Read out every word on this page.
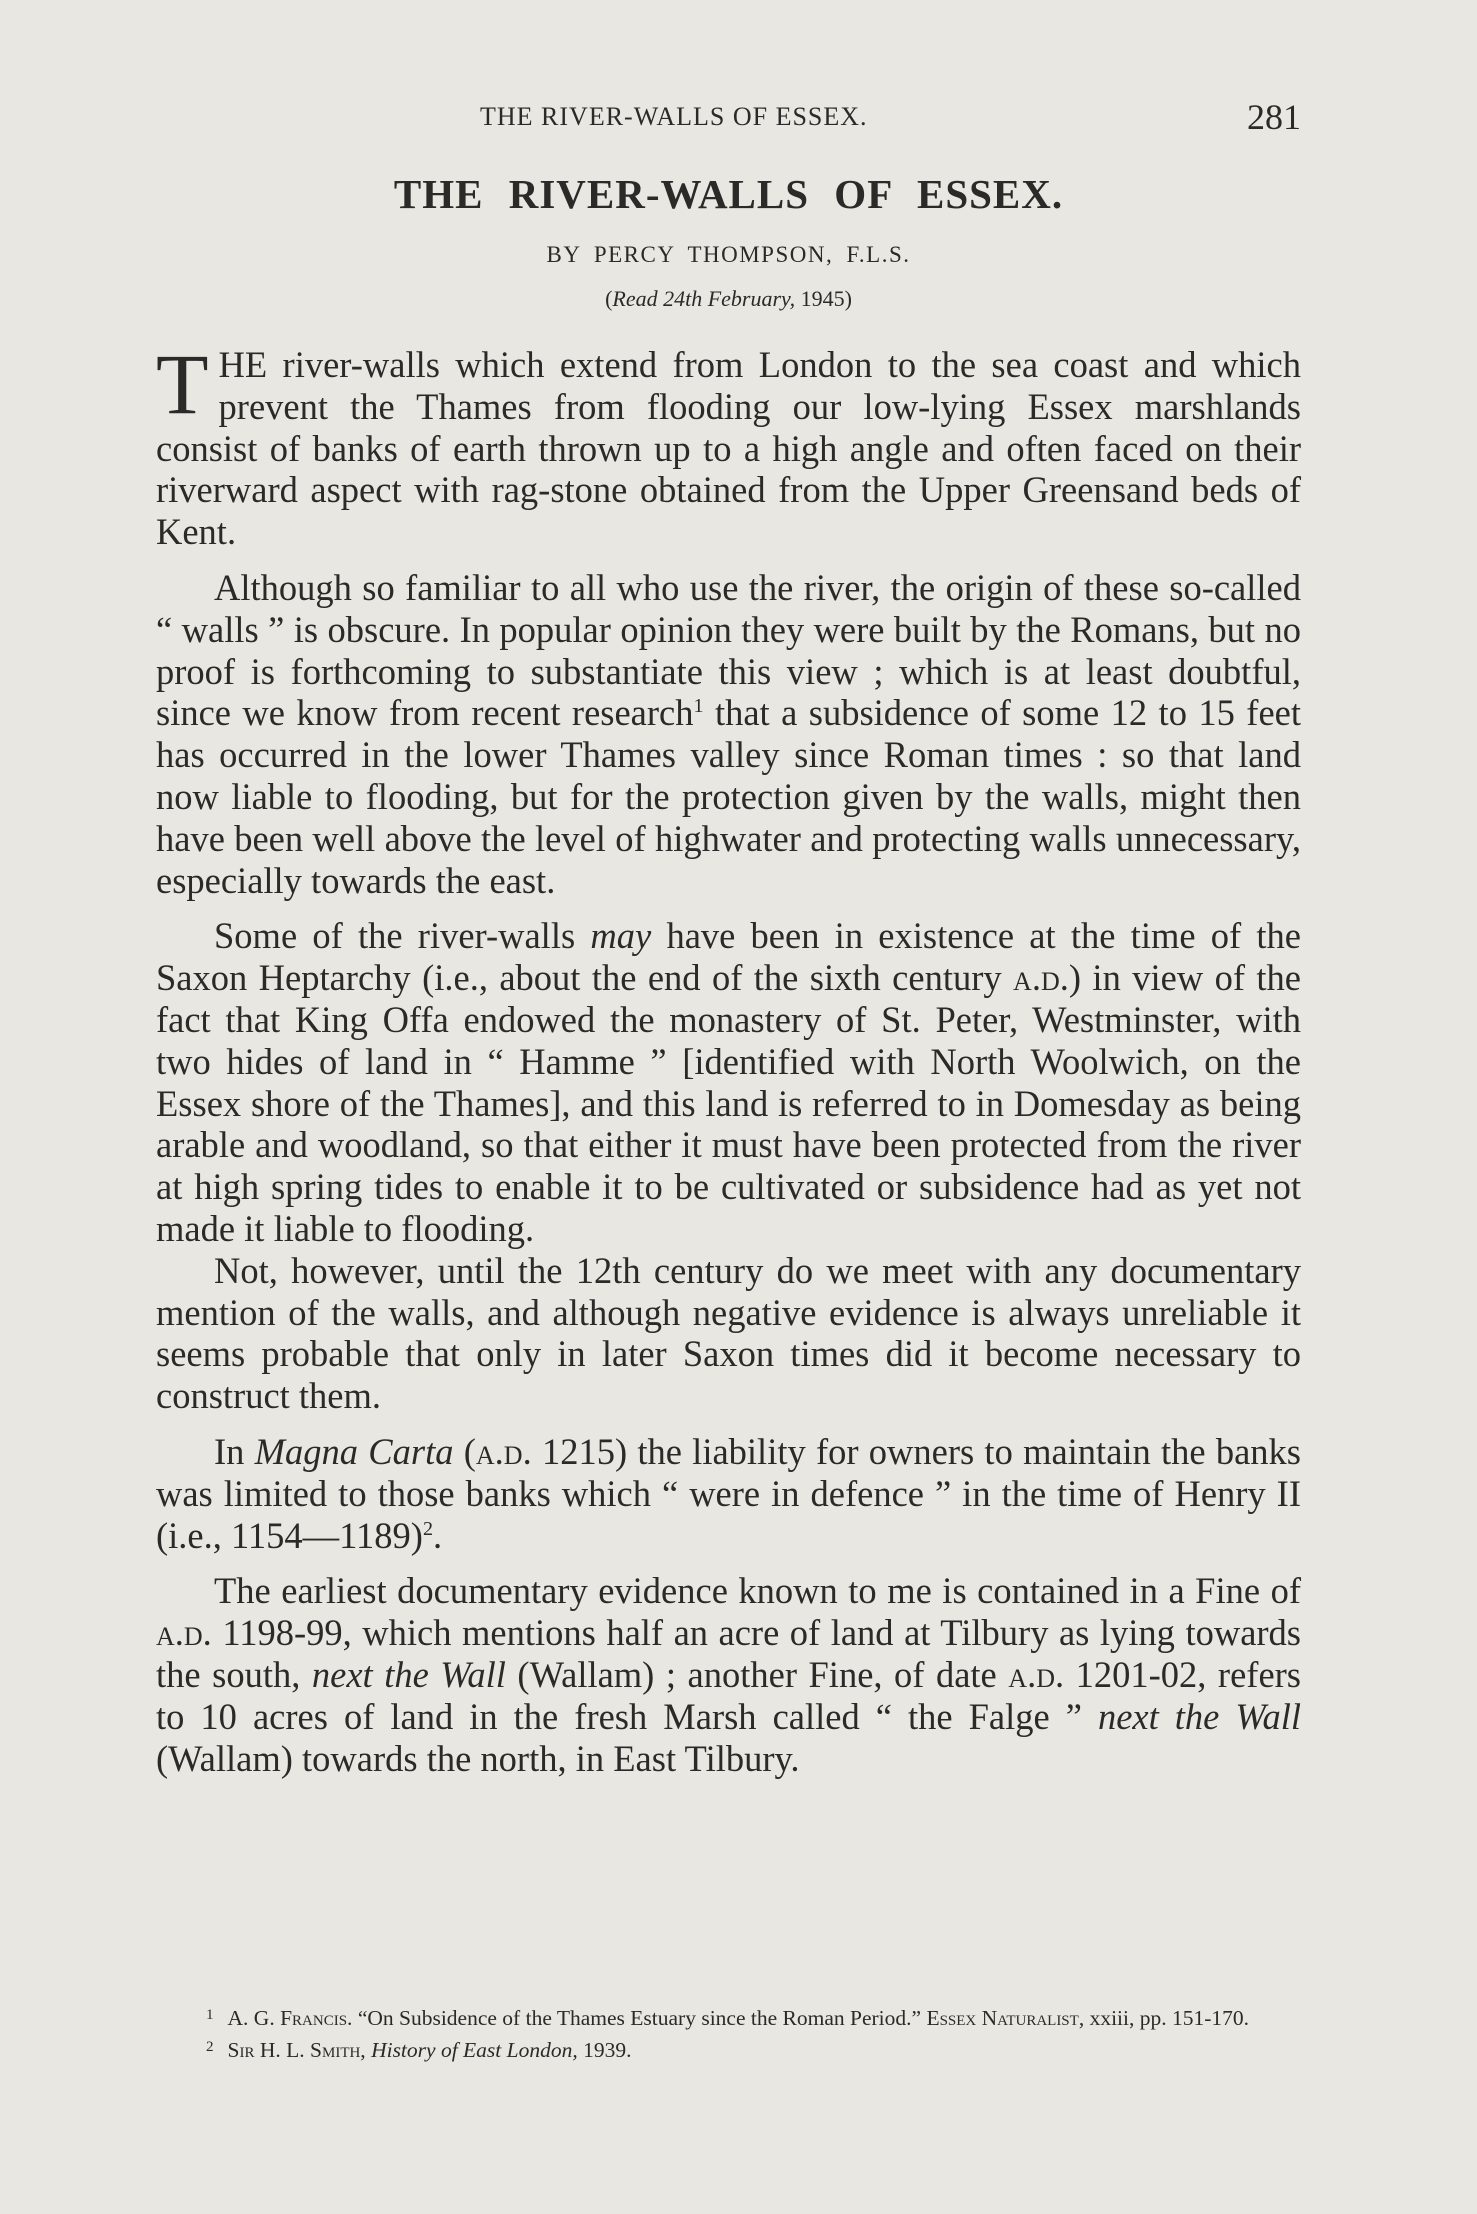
THE RIVER-WALLS OF ESSEX.	281
THE RIVER-WALLS OF ESSEX.
BY PERCY THOMPSON, F.L.S.
(Read 24th February, 1945)

THE river-walls which extend from London to the sea coast and which prevent the Thames from flooding our low-lying Essex marshlands consist of banks of earth thrown up to a high angle and often faced on their riverward aspect with rag-stone obtained from the Upper Greensand beds of Kent.

Although so familiar to all who use the river, the origin of these so-called “ walls ” is obscure. In popular opinion they were built by the Romans, but no proof is forthcoming to substantiate this view ; which is at least doubtful, since we know from recent research$^1$ that a subsidence of some 12 to 15 feet has occurred in the lower Thames valley since Roman times : so that land now liable to flooding, but for the protection given by the walls, might then have been well above the level of highwater and protecting walls unnecessary, especially towards the east.

Some of the river-walls may have been in existence at the time of the Saxon Heptarchy (i.e., about the end of the sixth century a.d.) in view of the fact that King Offa endowed the monastery of St. Peter, Westminster, with two hides of land in “ Hamme ” [identified with North Woolwich, on the Essex shore of the Thames], and this land is referred to in Domesday as being arable and woodland, so that either it must have been protected from the river at high spring tides to enable it to be cultivated or subsidence had as yet not made it liable to flooding.

Not, however, until the 12th century do we meet with any documentary mention of the walls, and although negative evidence is always unreliable it seems probable that only in later Saxon times did it become necessary to construct them.

In Magna Carta (a.d. 1215) the liability for owners to maintain the banks was limited to those banks which “ were in defence ” in the time of Henry II (i.e., 1154—1189)$^2$.

The earliest documentary evidence known to me is contained in a Fine of a.d. 1198-99, which mentions half an acre of land at Tilbury as lying towards the south, next the Wall (Wallam) ; another Fine, of date a.d. 1201-02, refers to 10 acres of land in the fresh Marsh called “ the Falge ” next the Wall (Wallam) towards the north, in East Tilbury.

$^1$ A. G. Francis. “On Subsidence of the Thames Estuary since the Roman Period.” Essex Naturalist, xxiii, pp. 151-170.

$^2$ Sir H. L. Smith, History of East London, 1939.
